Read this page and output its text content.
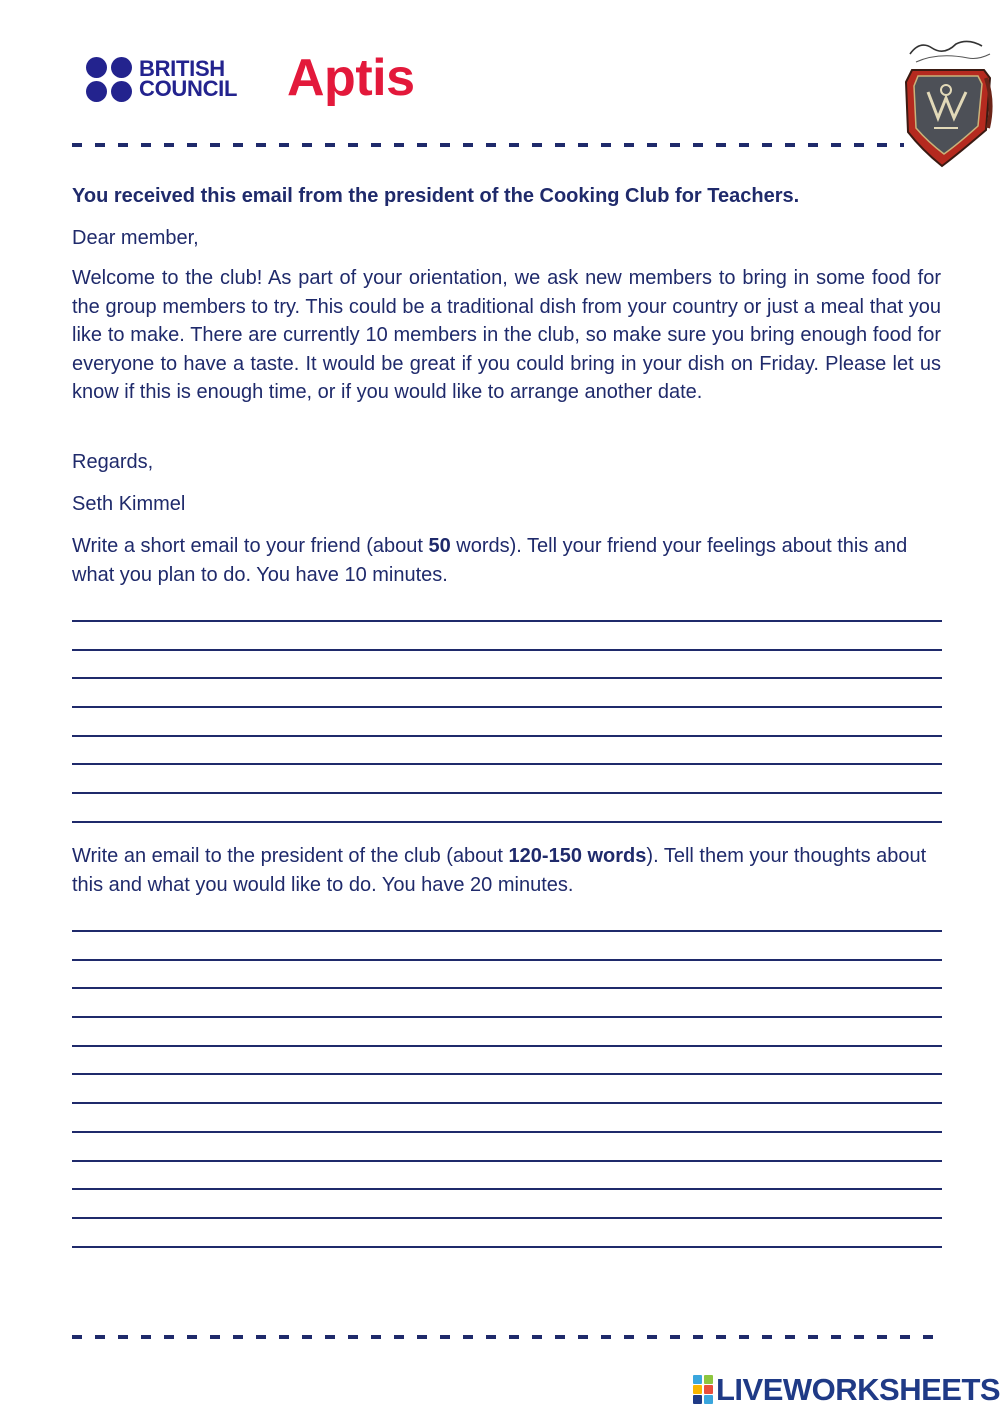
BRITISH
COUNCIL Aptis
You received this email from the president of the Cooking Club for Teachers.
Dear member,
Welcome to the club! As part of your orientation, we ask new members to bring in some food for the group members to try. This could be a traditional dish from your country or just a meal that you like to make. There are currently 10 members in the club, so make sure you bring enough food for everyone to have a taste. It would be great if you could bring in your dish on Friday. Please let us know if this is enough time, or if you would like to arrange another date.
Regards,
Seth Kimmel
Write a short email to your friend (about 50 words). Tell your friend your feelings about this and what you plan to do. You have 10 minutes.
Write an email to the president of the club (about 120-150 words). Tell them your thoughts about this and what you would like to do. You have 20 minutes.
LIVEWORKSHEETS
